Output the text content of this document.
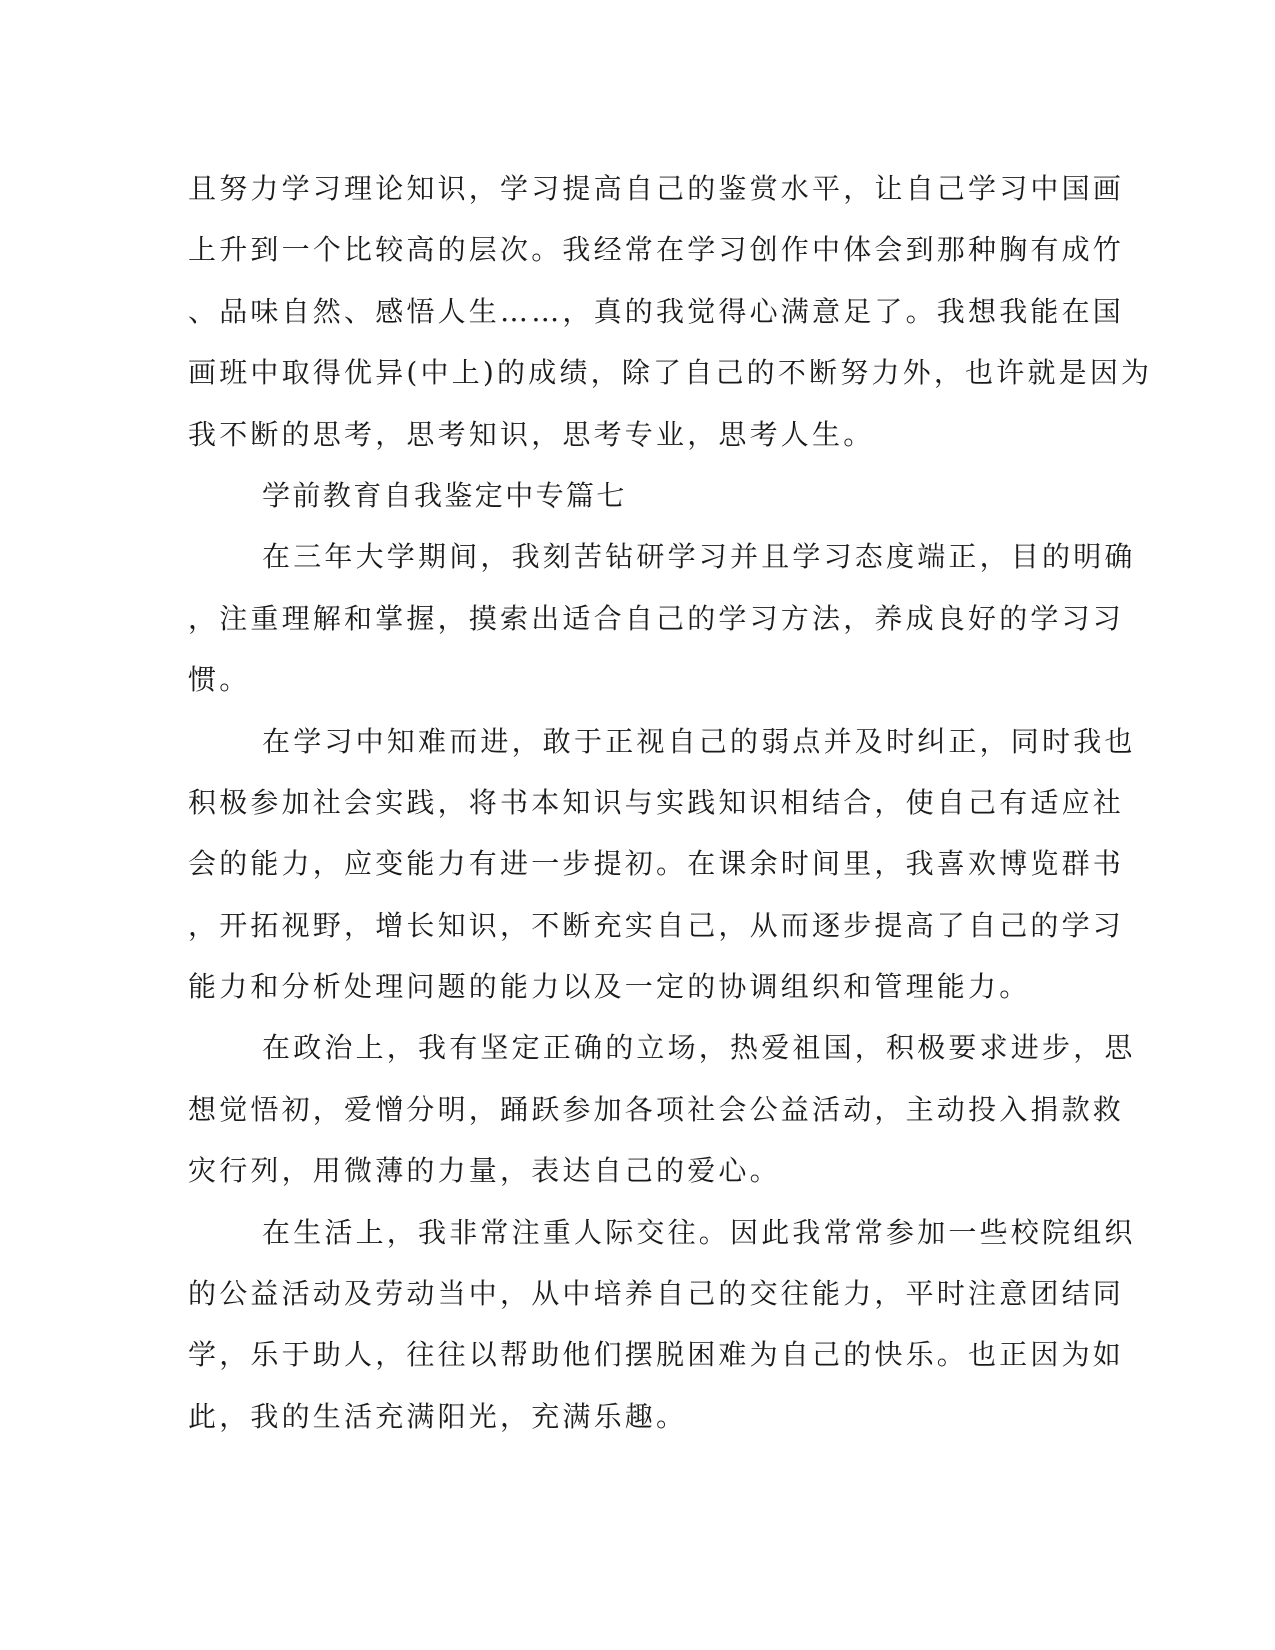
且努力学习理论知识，学习提高自己的鉴赏水平，让自己学习中国画
上升到一个比较高的层次。我经常在学习创作中体会到那种胸有成竹
、品味自然、感悟人生……，真的我觉得心满意足了。我想我能在国
画班中取得优异(中上)的成绩，除了自己的不断努力外，也许就是因为
我不断的思考，思考知识，思考专业，思考人生。
学前教育自我鉴定中专篇七
在三年大学期间，我刻苦钻研学习并且学习态度端正，目的明确
，注重理解和掌握，摸索出适合自己的学习方法，养成良好的学习习
惯。
在学习中知难而进，敢于正视自己的弱点并及时纠正，同时我也
积极参加社会实践，将书本知识与实践知识相结合，使自己有适应社
会的能力，应变能力有进一步提初。在课余时间里，我喜欢博览群书
，开拓视野，增长知识，不断充实自己，从而逐步提高了自己的学习
能力和分析处理问题的能力以及一定的协调组织和管理能力。
在政治上，我有坚定正确的立场，热爱祖国，积极要求进步，思
想觉悟初，爱憎分明，踊跃参加各项社会公益活动，主动投入捐款救
灾行列，用微薄的力量，表达自己的爱心。
在生活上，我非常注重人际交往。因此我常常参加一些校院组织
的公益活动及劳动当中，从中培养自己的交往能力，平时注意团结同
学，乐于助人，往往以帮助他们摆脱困难为自己的快乐。也正因为如
此，我的生活充满阳光，充满乐趣。
